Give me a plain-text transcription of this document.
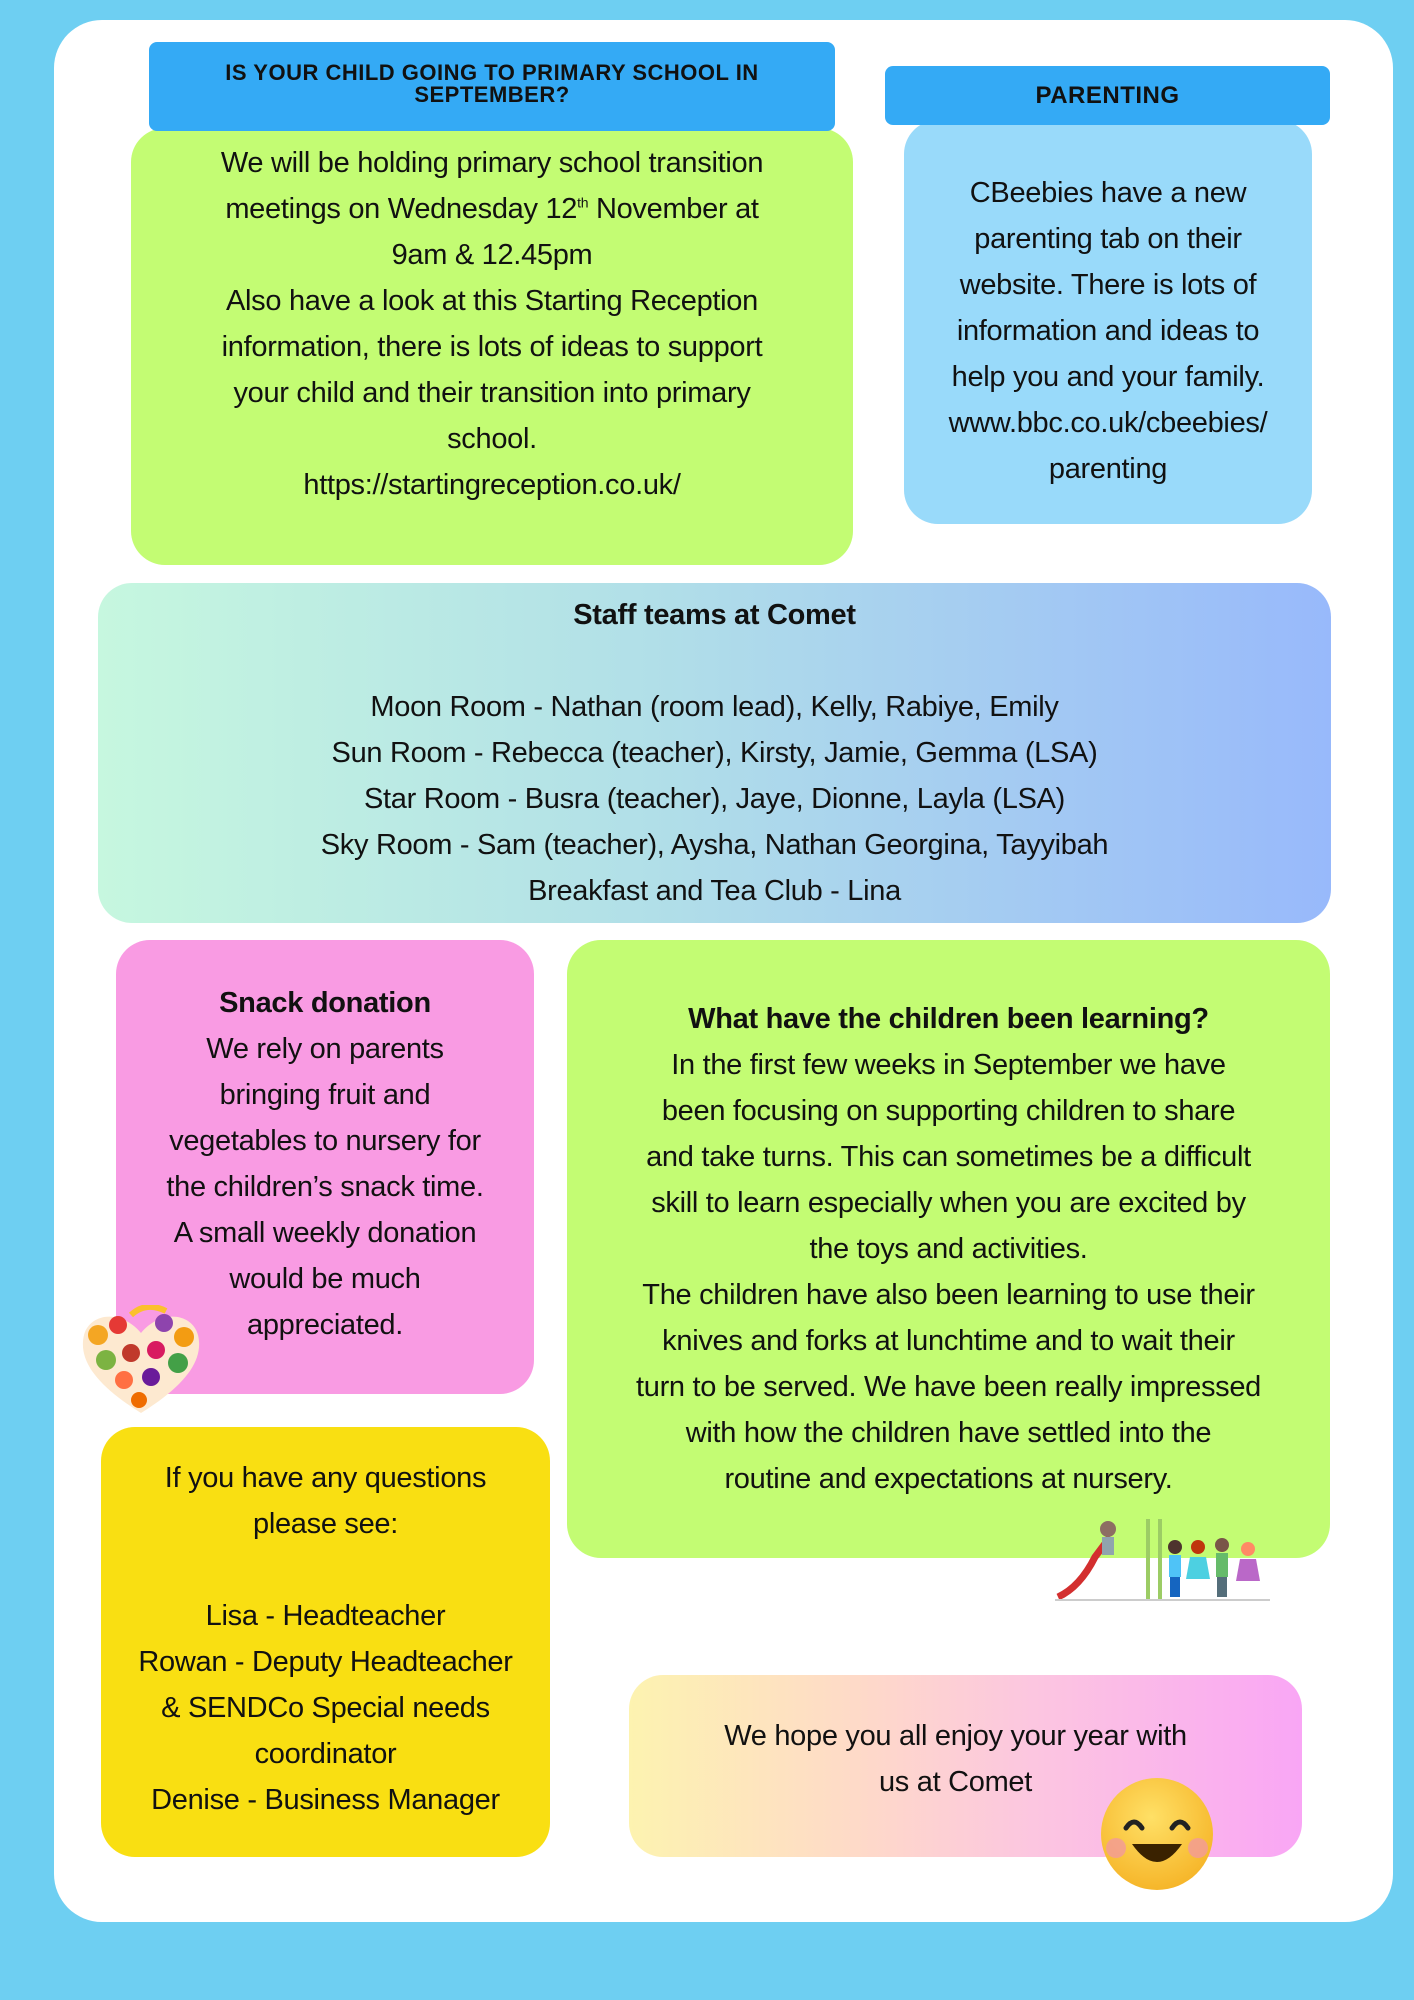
We will be holding primary school transition
meetings on Wednesday 12th November at
9am & 12.45pm
Also have a look at this Starting Reception
information, there is lots of ideas to support
your child and their transition into primary
school.
https://startingreception.co.uk/
IS YOUR CHILD GOING TO PRIMARY SCHOOL IN SEPTEMBER?
CBeebies have a new
parenting tab on their
website. There is lots of
information and ideas to
help you and your family.
www.bbc.co.uk/cbeebies/
parenting
PARENTING
Staff teams at Comet
Moon Room - Nathan (room lead), Kelly, Rabiye, Emily
Sun Room - Rebecca (teacher), Kirsty, Jamie, Gemma (LSA)
Star Room - Busra (teacher), Jaye, Dionne, Layla (LSA)
Sky Room - Sam (teacher), Aysha, Nathan Georgina, Tayyibah
Breakfast and Tea Club - Lina
Snack donation
We rely on parents
bringing fruit and
vegetables to nursery for
the children’s snack time.
A small weekly donation
would be much
appreciated.
What have the children been learning?
In the first few weeks in September we have
been focusing on supporting children to share
and take turns. This can sometimes be a difficult
skill to learn especially when you are excited by
the toys and activities.
The children have also been learning to use their
knives and forks at lunchtime and to wait their
turn to be served. We have been really impressed
with how the children have settled into the
routine and expectations at nursery.
If you have any questions
please see:
Lisa - Headteacher
Rowan - Deputy Headteacher
& SENDCo Special needs
coordinator
Denise - Business Manager
We hope you all enjoy your year with
us at Comet
